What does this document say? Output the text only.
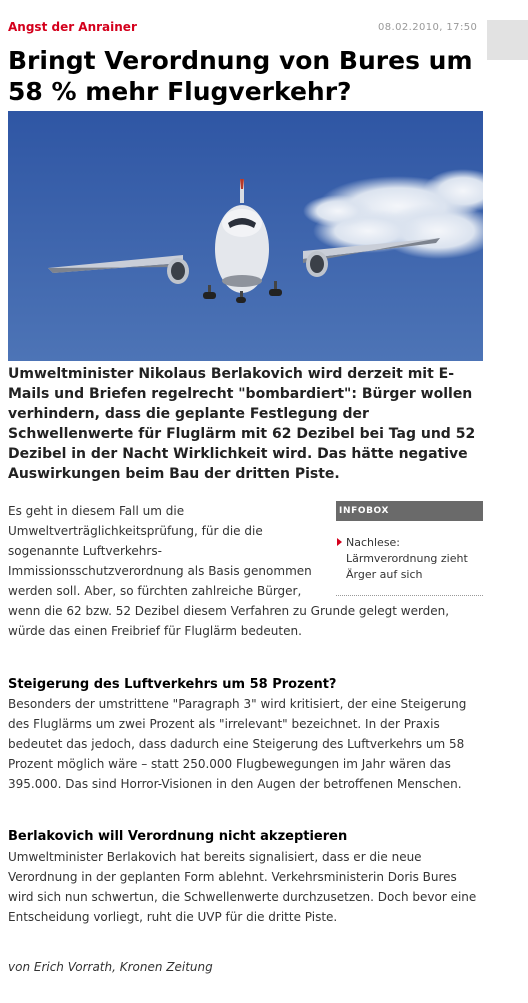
Angst der Anrainer	08.02.2010, 17:50
Bringt Verordnung von Bures um 58 % mehr Flugverkehr?

Umweltminister Nikolaus Berlakovich wird derzeit mit E-Mails und Briefen regelrecht "bombardiert": Bürger wollen verhindern, dass die geplante Festlegung der Schwellenwerte für Fluglärm mit 62 Dezibel bei Tag und 52 Dezibel in der Nacht Wirklichkeit wird. Das hätte negative Auswirkungen beim Bau der dritten Piste.

INFOBOX
Nachlese: Lärmverordnung zieht Ärger auf sich
Es geht in diesem Fall um die Umweltverträglichkeitsprüfung, für die die sogenannte Luftverkehrs-Immissionsschutzverordnung als Basis genommen werden soll. Aber, so fürchten zahlreiche Bürger, wenn die 62 bzw. 52 Dezibel diesem Verfahren zu Grunde gelegt werden, würde das einen Freibrief für Fluglärm bedeuten.
Steigerung des Luftverkehrs um 58 Prozent?

Besonders der umstrittene "Paragraph 3" wird kritisiert, der eine Steigerung des Fluglärms um zwei Prozent als "irrelevant" bezeichnet. In der Praxis bedeutet das jedoch, dass dadurch eine Steigerung des Luftverkehrs um 58 Prozent möglich wäre – statt 250.000 Flugbewegungen im Jahr wären das 395.000. Das sind Horror-Visionen in den Augen der betroffenen Menschen.

Berlakovich will Verordnung nicht akzeptieren

Umweltminister Berlakovich hat bereits signalisiert, dass er die neue Verordnung in der geplanten Form ablehnt. Verkehrsministerin Doris Bures wird sich nun schwertun, die Schwellenwerte durchzusetzen. Doch bevor eine Entscheidung vorliegt, ruht die UVP für die dritte Piste.

von Erich Vorrath, Kronen Zeitung
